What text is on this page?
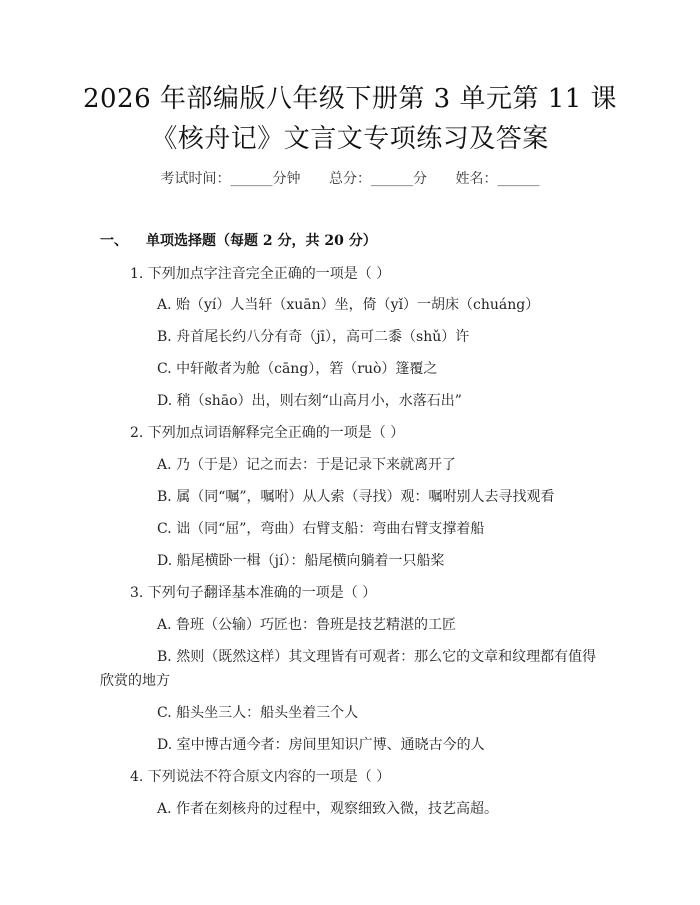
2026 年部编版八年级下册第 3 单元第 11 课
《核舟记》文言文专项练习及答案
考试时间：______分钟 总分：______分 姓名：______
一、 单项选择题（每题 2 分，共 20 分）
1. 下列加点字注音完全正确的一项是（ ）
A. 贻（yí）人当轩（xuān）坐，倚（yǐ）一胡床（chuáng）
B. 舟首尾长约八分有奇（jī），高可二黍（shǔ）许
C. 中轩敞者为舱（cāng），箬（ruò）篷覆之
D. 稍（shāo）出，则右刻“山高月小，水落石出”
2. 下列加点词语解释完全正确的一项是（ ）
A. 乃（于是）记之而去：于是记录下来就离开了
B. 属（同“嘱”，嘱咐）从人索（寻找）观：嘱咐别人去寻找观看
C. 诎（同“屈”，弯曲）右臂支船：弯曲右臂支撑着船
D. 船尾横卧一楫（jí）：船尾横向躺着一只船桨
3. 下列句子翻译基本准确的一项是（ ）
A. 鲁班（公输）巧匠也：鲁班是技艺精湛的工匠
B. 然则（既然这样）其文理皆有可观者：那么它的文章和纹理都有值得
欣赏的地方
C. 船头坐三人：船头坐着三个人
D. 室中博古通今者：房间里知识广博、通晓古今的人
4. 下列说法不符合原文内容的一项是（ ）
A. 作者在刻核舟的过程中，观察细致入微，技艺高超。
